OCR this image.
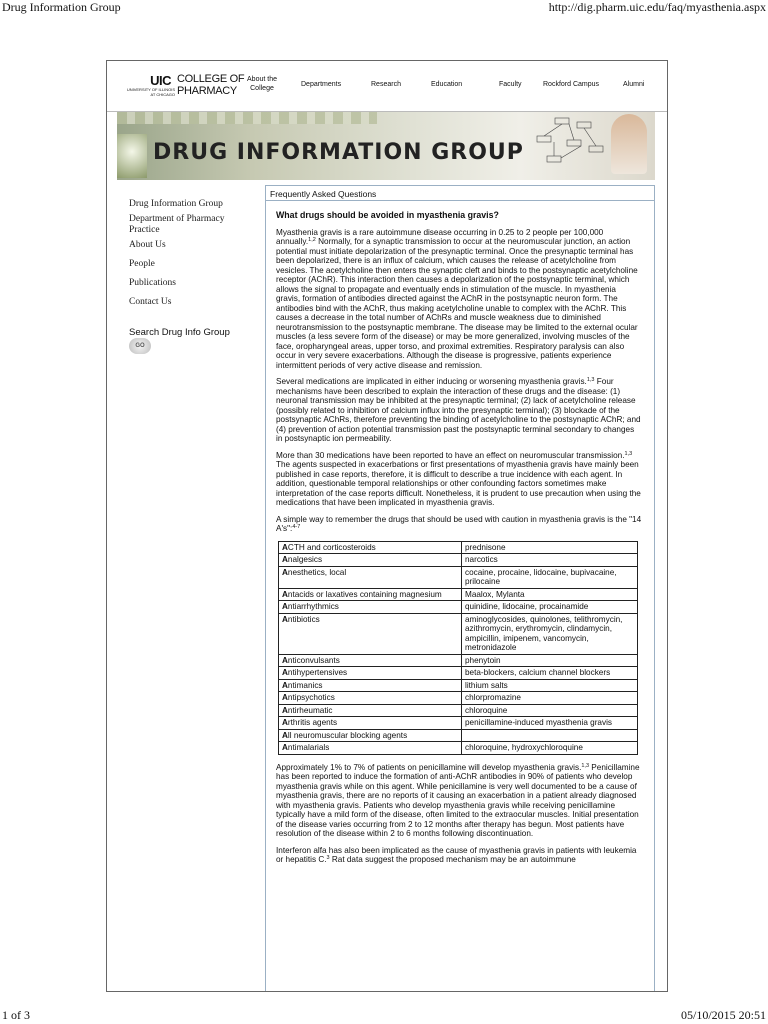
Drug Information Group	http://dig.pharm.uic.edu/faq/myasthenia.aspx
UIC
UNIVERSITY OF ILLINOIS AT CHICAGO
COLLEGE OF
PHARMACY
About the College
Departments	Research	Education	Faculty	Rockford Campus	Alumni
DRUG INFORMATION GROUP
Drug Information Group
Department of Pharmacy Practice
About Us
People
Publications
Contact Us
Search Drug Info Group
GO
Frequently Asked Questions
What drugs should be avoided in myasthenia gravis?

Myasthenia gravis is a rare autoimmune disease occurring in 0.25 to 2 people per 100,000 annually.$^{1,2}$ Normally, for a synaptic transmission to occur at the neuromuscular junction, an action potential must initiate depolarization of the presynaptic terminal. Once the presynaptic terminal has been depolarized, there is an influx of calcium, which causes the release of acetylcholine from vesicles. The acetylcholine then enters the synaptic cleft and binds to the postsynaptic acetylcholine receptor (AChR). This interaction then causes a depolarization of the postsynaptic terminal, which allows the signal to propagate and eventually ends in stimulation of the muscle. In myasthenia gravis, formation of antibodies directed against the AChR in the postsynaptic neuron form. The antibodies bind with the AChR, thus making acetylcholine unable to complex with the AChR. This causes a decrease in the total number of AChRs and muscle weakness due to diminished neurotransmission to the postsynaptic membrane. The disease may be limited to the external ocular muscles (a less severe form of the disease) or may be more generalized, involving muscles of the face, oropharyngeal areas, upper torso, and proximal extremities. Respiratory paralysis can also occur in very severe exacerbations. Although the disease is progressive, patients experience intermittent periods of very active disease and remission.

Several medications are implicated in either inducing or worsening myasthenia gravis.$^{1,3}$ Four mechanisms have been described to explain the interaction of these drugs and the disease: (1) neuronal transmission may be inhibited at the presynaptic terminal; (2) lack of acetylcholine release (possibly related to inhibition of calcium influx into the presynaptic terminal); (3) blockade of the postsynaptic AChRs, therefore preventing the binding of acetylcholine to the postsynaptic AChR; and (4) prevention of action potential transmission past the postsynaptic terminal secondary to changes in postsynaptic ion permeability.

More than 30 medications have been reported to have an effect on neuromuscular transmission.$^{1,3}$ The agents suspected in exacerbations or first presentations of myasthenia gravis have mainly been published in case reports, therefore, it is difficult to describe a true incidence with each agent. In addition, questionable temporal relationships or other confounding factors sometimes make interpretation of the case reports difficult. Nonetheless, it is prudent to use precaution when using the medications that have been implicated in myasthenia gravis.

A simple way to remember the drugs that should be used with caution in myasthenia gravis is the "14 A's":$^{4-7}$

ACTH and corticosteroids	prednisone
Analgesics	narcotics
Anesthetics, local	cocaine, procaine, lidocaine, bupivacaine, prilocaine
Antacids or laxatives containing magnesium	Maalox, Mylanta
Antiarrhythmics	quinidine, lidocaine, procainamide
Antibiotics	aminoglycosides, quinolones, telithromycin, azithromycin, erythromycin, clindamycin, ampicillin, imipenem, vancomycin, metronidazole
Anticonvulsants	phenytoin
Antihypertensives	beta-blockers, calcium channel blockers
Antimanics	lithium salts
Antipsychotics	chlorpromazine
Antirheumatic	chloroquine
Arthritis agents	penicillamine-induced myasthenia gravis
All neuromuscular blocking agents	
Antimalarials	chloroquine, hydroxychloroquine

Approximately 1% to 7% of patients on penicillamine will develop myasthenia gravis.$^{1,3}$ Penicillamine has been reported to induce the formation of anti-AChR antibodies in 90% of patients who develop myasthenia gravis while on this agent. While penicillamine is very well documented to be a cause of myasthenia gravis, there are no reports of it causing an exacerbation in a patient already diagnosed with myasthenia gravis. Patients who develop myasthenia gravis while receiving penicillamine typically have a mild form of the disease, often limited to the extraocular muscles. Initial presentation of the disease varies occurring from 2 to 12 months after therapy has begun. Most patients have resolution of the disease within 2 to 6 months following discontinuation.

Interferon alfa has also been implicated as the cause of myasthenia gravis in patients with leukemia or hepatitis C.$^3$ Rat data suggest the proposed mechanism may be an autoimmune

1 of 3	05/10/2015 20:51
